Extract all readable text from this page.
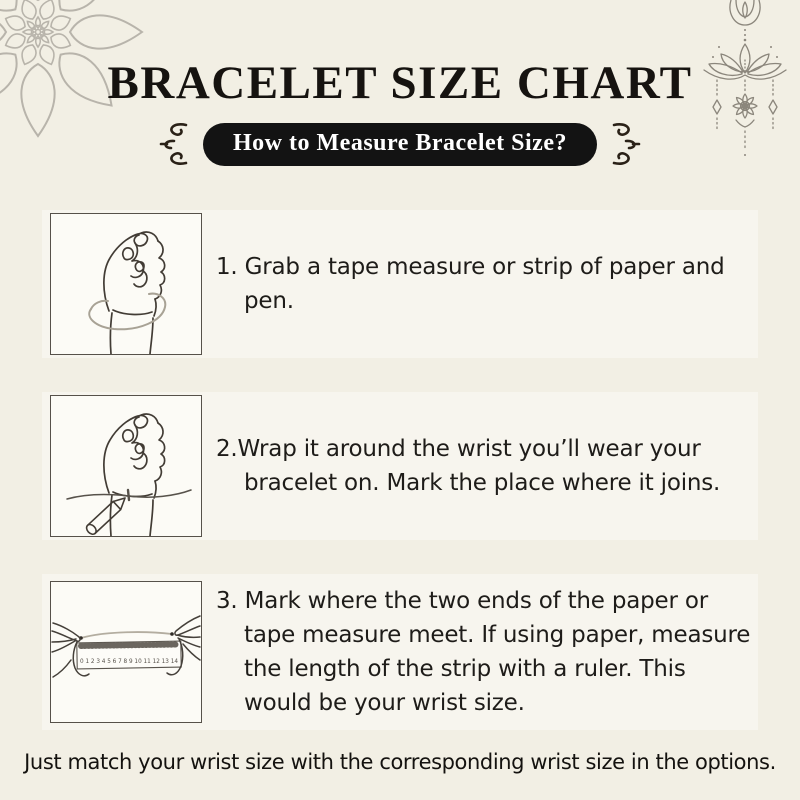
BRACELET SIZE CHART
How to Measure Bracelet Size?
1. Grab a tape measure or strip of paper and pen.
2.Wrap it around the wrist you’ll wear your bracelet on. Mark the place where it joins.
0 1 2 3 4 5 6 7 8 9 10 11 12 13 14
3. Mark where the two ends of the paper or tape measure meet. If using paper, measure the length of the strip with a ruler. This would be your wrist size.

Just match your wrist size with the corresponding wrist size in the options.
